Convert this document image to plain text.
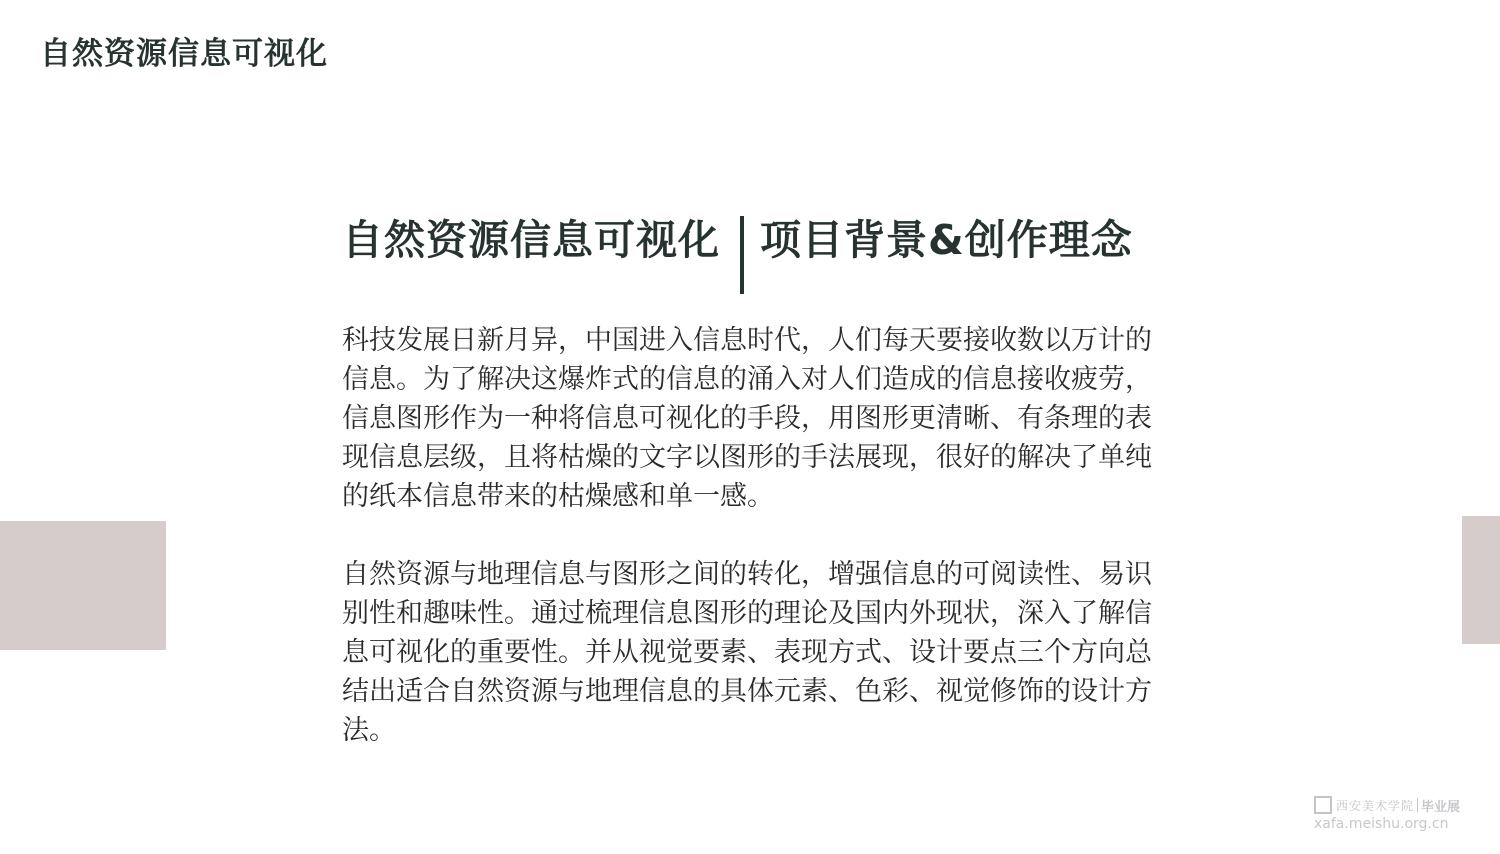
自然资源信息可视化
自然资源信息可视化 项目背景&创作理念

科技发展日新月异，中国进入信息时代，人们每天要接收数以万计的信息。为了解决这爆炸式的信息的涌入对人们造成的信息接收疲劳，信息图形作为一种将信息可视化的手段，用图形更清晰、有条理的表现信息层级，且将枯燥的文字以图形的手法展现，很好的解决了单纯的纸本信息带来的枯燥感和单一感。

自然资源与地理信息与图形之间的转化，增强信息的可阅读性、易识别性和趣味性。通过梳理信息图形的理论及国内外现状，深入了解信息可视化的重要性。并从视觉要素、表现方式、设计要点三个方向总结出适合自然资源与地理信息的具体元素、色彩、视觉修饰的设计方法。

西安美术学院 毕业展
xafa.meishu.org.cn
